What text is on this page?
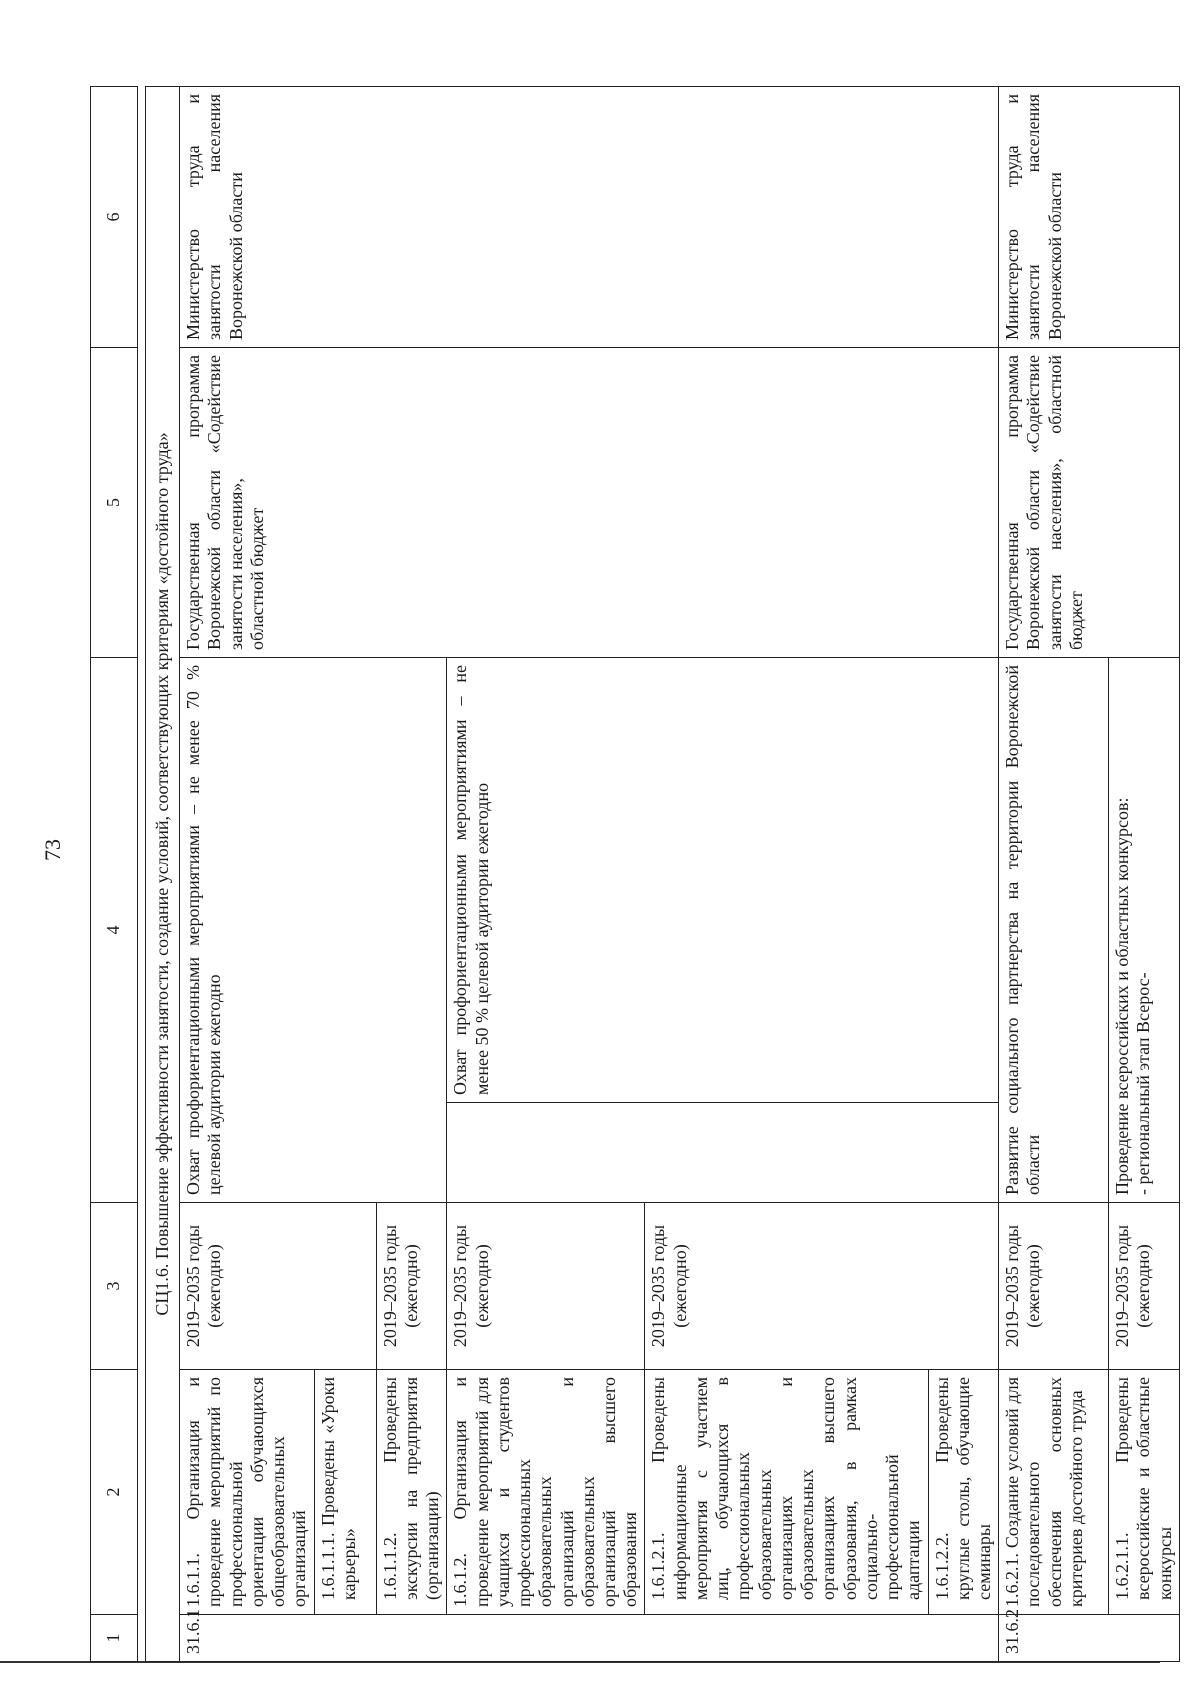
73
1	2	3	4		5	6

СЦ1.6. Повышение эффективности занятости, создание условий, соответствующих критериям «достойного труда»						
31.6.1	1.6.1.1. Организация и проведение мероприятий по профессиональной ориентации обучающихся общеобразовательных организаций	2019–2035 годы (ежегодно)	Охват профориентационными мероприятиями – не менее 70 % целевой аудитории ежегодно		Государственная программа Воронежской области «Содействие занятости населения»,
областной бюджет	Министерство труда и занятости населения Воронежской области
	1.6.1.1.1. Проведены «Уроки карьеры»					
	1.6.1.1.2. Проведены экскурсии на предприятия (организации)	2019–2035 годы (ежегодно)				
	1.6.1.2. Организация и проведение мероприятий для учащихся и студентов профессиональных образовательных организаций и образовательных организаций высшего образования	2019–2035 годы (ежегодно)		Охват профориентационными мероприятиями – не менее 50 % целевой аудитории ежегодно		
	1.6.1.2.1. Проведены информационные мероприятия с участием лиц, обучающихся в профессиональных образовательных организациях и образовательных организациях высшего образования, в рамках социально-профессиональной адаптации	2019–2035 годы (ежегодно)				
	1.6.1.2.2. Проведены круглые столы, обучающие семинары					
31.6.2	1.6.2.1. Создание условий для последовательного обеспечения основных критериев достойного труда	2019–2035 годы (ежегодно)	Развитие социального партнерства на территории Воронежской области		Государственная программа Воронежской области «Содействие занятости населения», областной бюджет	Министерство труда и занятости населения Воронежской области
	1.6.2.1.1. Проведены всероссийские и областные конкурсы	2019–2035 годы (ежегодно)	Проведение всероссийских и областных конкурсов:
- региональный этап Всерос-			
